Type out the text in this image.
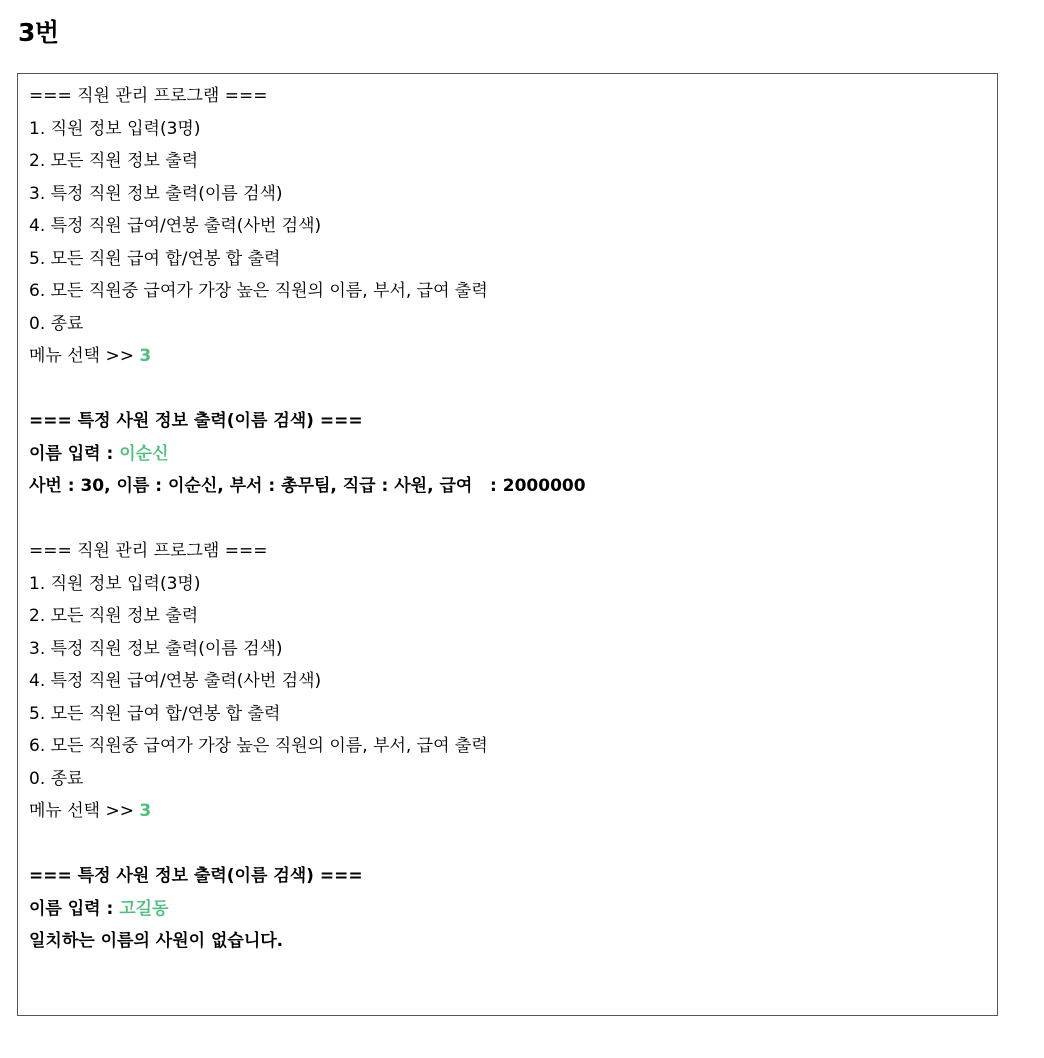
3번
=== 직원 관리 프로그램 ===
1. 직원 정보 입력(3명)
2. 모든 직원 정보 출력
3. 특정 직원 정보 출력(이름 검색)
4. 특정 직원 급여/연봉 출력(사번 검색)
5. 모든 직원 급여 합/연봉 합 출력
6. 모든 직원중 급여가 가장 높은 직원의 이름, 부서, 급여 출력
0. 종료
메뉴 선택 >> 3
=== 특정 사원 정보 출력(이름 검색) ===
이름 입력 : 이순신
사번 : 30, 이름 : 이순신, 부서 : 총무팀, 직급 : 사원, 급여   : 2000000
=== 직원 관리 프로그램 ===
1. 직원 정보 입력(3명)
2. 모든 직원 정보 출력
3. 특정 직원 정보 출력(이름 검색)
4. 특정 직원 급여/연봉 출력(사번 검색)
5. 모든 직원 급여 합/연봉 합 출력
6. 모든 직원중 급여가 가장 높은 직원의 이름, 부서, 급여 출력
0. 종료
메뉴 선택 >> 3
=== 특정 사원 정보 출력(이름 검색) ===
이름 입력 : 고길동
일치하는 이름의 사원이 없습니다.
